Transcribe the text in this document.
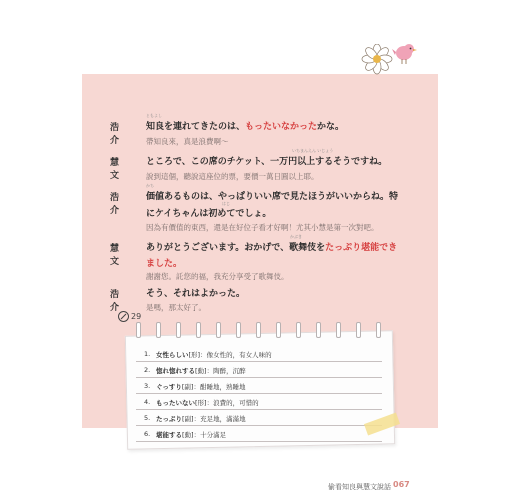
ともよし
浩介
知良を連れてきたのは、もったいなかったかな。
帶知良來，真是浪費啊～
いちまんえん いじょう
慧文
ところで、この席のチケット、一万円以上するそうですね。
說到這個，聽說這座位的票，要價一萬日圓以上耶。
かち
浩介
価値あるものは、やっぱりいい席で見たほうがいいからね。特
はじ
にケイちゃんは初めてでしょ。
因為有價值的東西，還是在好位子看才好啊！尤其小慧是第一次對吧。
かぶき
慧文
ありがとうございます。おかげで、歌舞伎をたっぷり堪能でき
ました。
謝謝您。託您的福，我充分享受了歌舞伎。
浩介
そう、それはよかった。
是嗎，那太好了。
29
1. 女性らしい[形]：像女性的，有女人味的
2. 惚れ惚れする[動]：陶醉，沉醉
3. ぐっすり[副]：酣睡地，熟睡地
4. もったいない[形]：浪費的，可惜的
5. たっぷり[副]：充足地，滿滿地
6. 堪能する[動]：十分滿足
偷看知良與慧文說話 067
